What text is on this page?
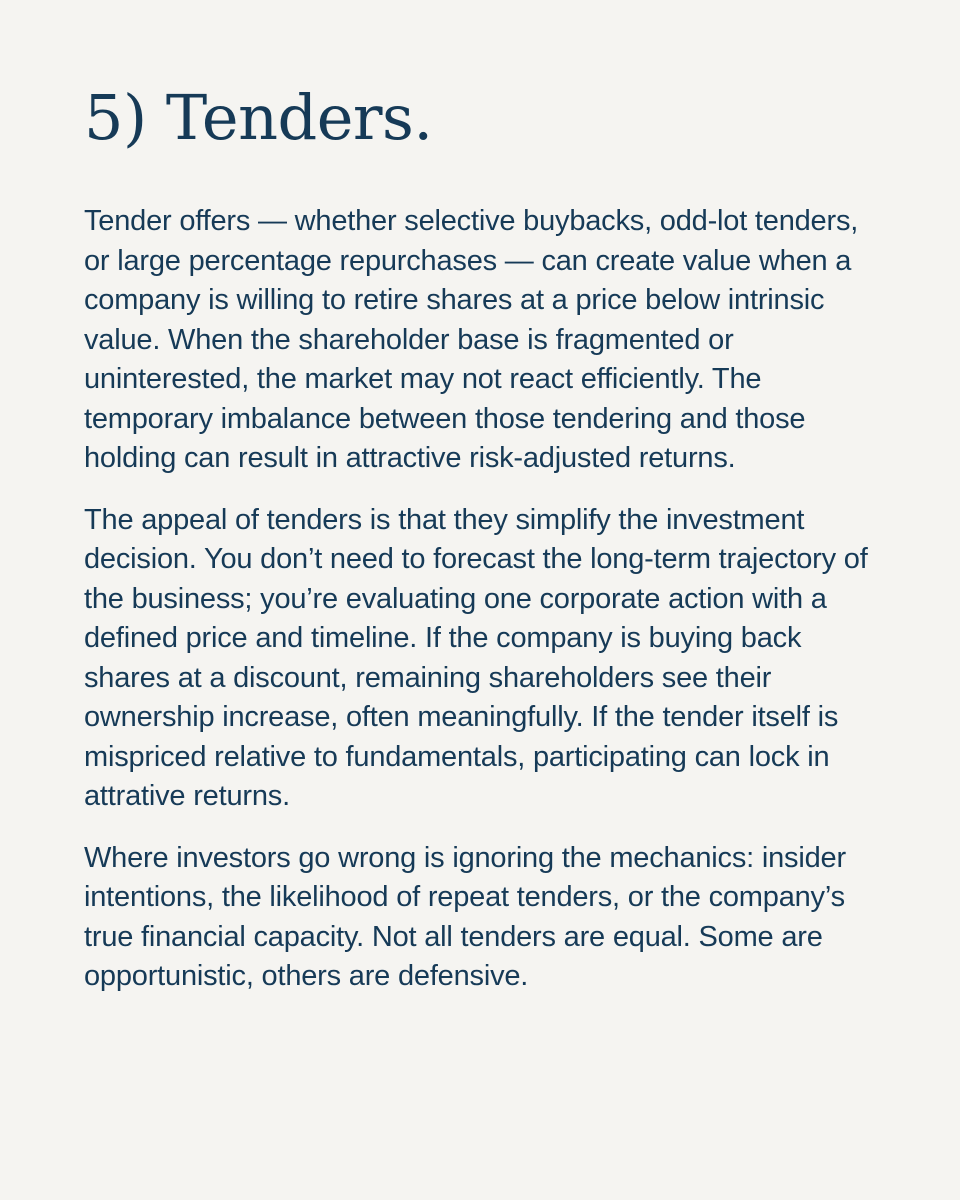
5) Tenders.

Tender offers — whether selective buybacks, odd-lot tenders, or large percentage repurchases — can create value when a company is willing to retire shares at a price below intrinsic value. When the shareholder base is fragmented or uninterested, the market may not react efficiently. The temporary imbalance between those tendering and those holding can result in attractive risk-adjusted returns.

The appeal of tenders is that they simplify the investment decision. You don’t need to forecast the long-term trajectory of the business; you’re evaluating one corporate action with a defined price and timeline. If the company is buying back shares at a discount, remaining shareholders see their ownership increase, often meaningfully. If the tender itself is mispriced relative to fundamentals, participating can lock in attrative returns.

Where investors go wrong is ignoring the mechanics: insider intentions, the likelihood of repeat tenders, or the company’s true financial capacity. Not all tenders are equal. Some are opportunistic, others are defensive.
